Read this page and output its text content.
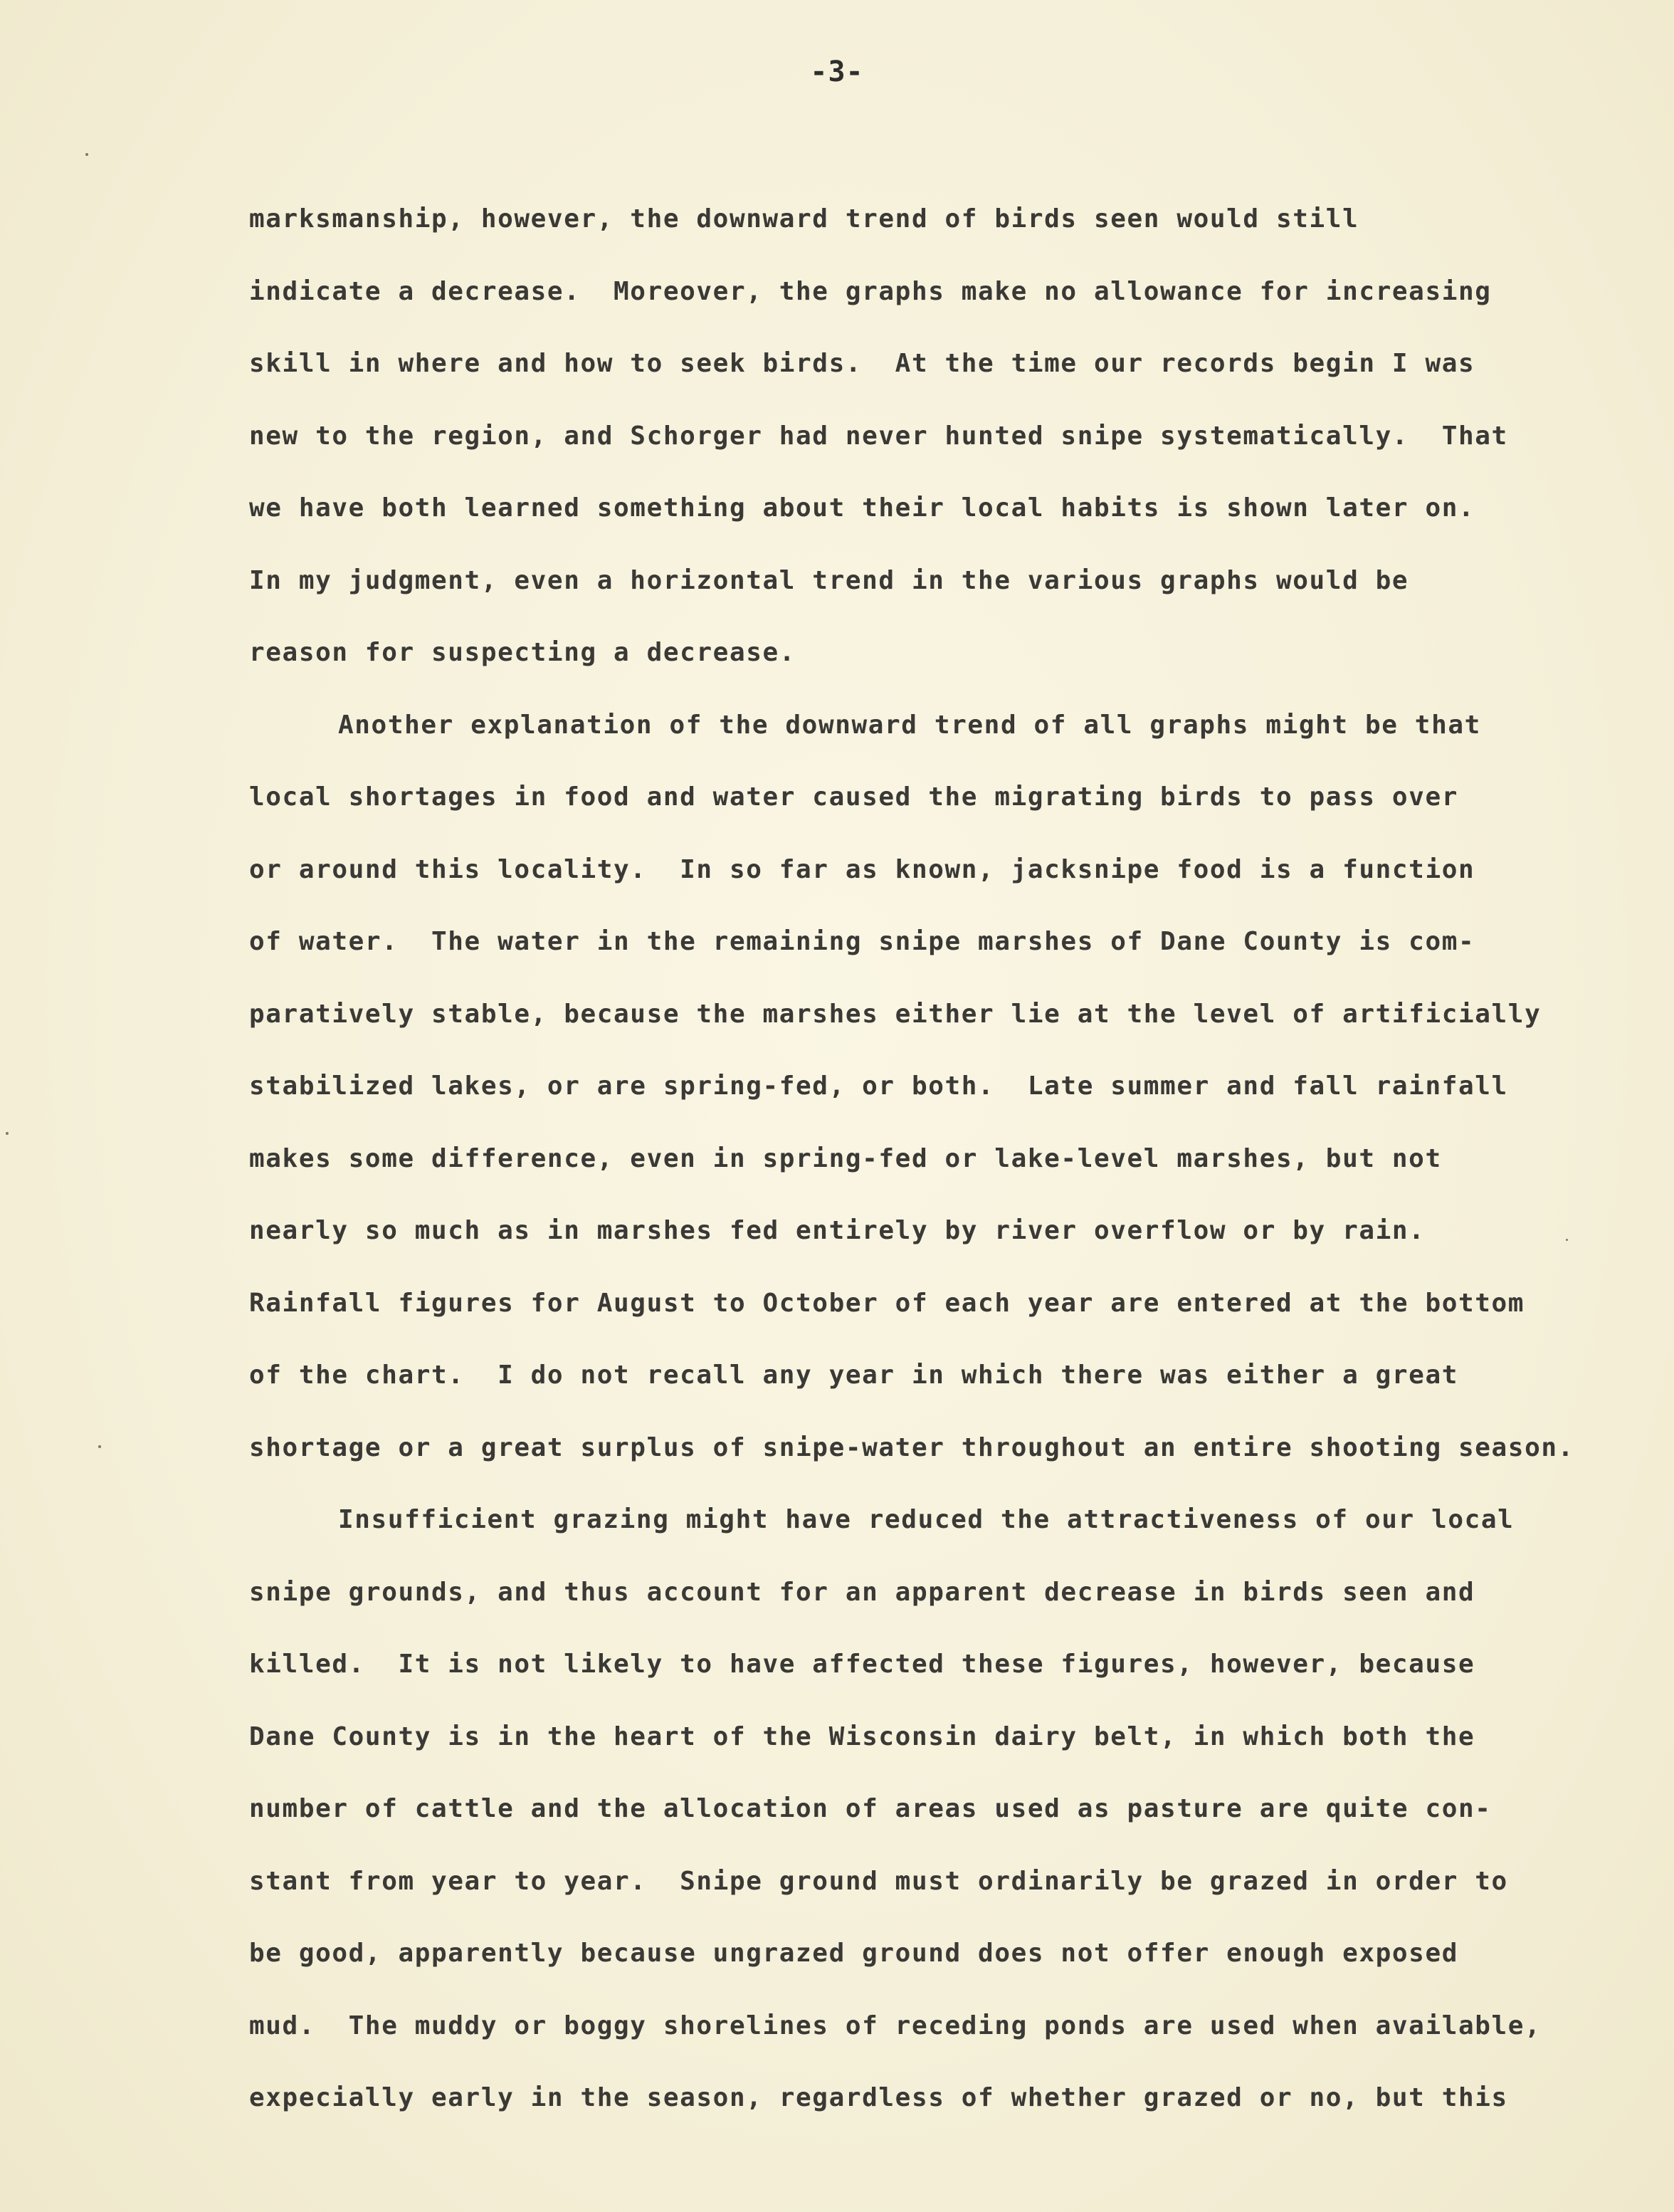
-3-
marksmanship, however, the downward trend of birds seen would still
indicate a decrease.  Moreover, the graphs make no allowance for increasing
skill in where and how to seek birds.  At the time our records begin I was
new to the region, and Schorger had never hunted snipe systematically.  That
we have both learned something about their local habits is shown later on.
In my judgment, even a horizontal trend in the various graphs would be
reason for suspecting a decrease.
Another explanation of the downward trend of all graphs might be that
local shortages in food and water caused the migrating birds to pass over
or around this locality.  In so far as known, jacksnipe food is a function
of water.  The water in the remaining snipe marshes of Dane County is com-
paratively stable, because the marshes either lie at the level of artificially
stabilized lakes, or are spring-fed, or both.  Late summer and fall rainfall
makes some difference, even in spring-fed or lake-level marshes, but not
nearly so much as in marshes fed entirely by river overflow or by rain.
Rainfall figures for August to October of each year are entered at the bottom
of the chart.  I do not recall any year in which there was either a great
shortage or a great surplus of snipe-water throughout an entire shooting season.
Insufficient grazing might have reduced the attractiveness of our local
snipe grounds, and thus account for an apparent decrease in birds seen and
killed.  It is not likely to have affected these figures, however, because
Dane County is in the heart of the Wisconsin dairy belt, in which both the
number of cattle and the allocation of areas used as pasture are quite con-
stant from year to year.  Snipe ground must ordinarily be grazed in order to
be good, apparently because ungrazed ground does not offer enough exposed
mud.  The muddy or boggy shorelines of receding ponds are used when available,
expecially early in the season, regardless of whether grazed or no, but this
